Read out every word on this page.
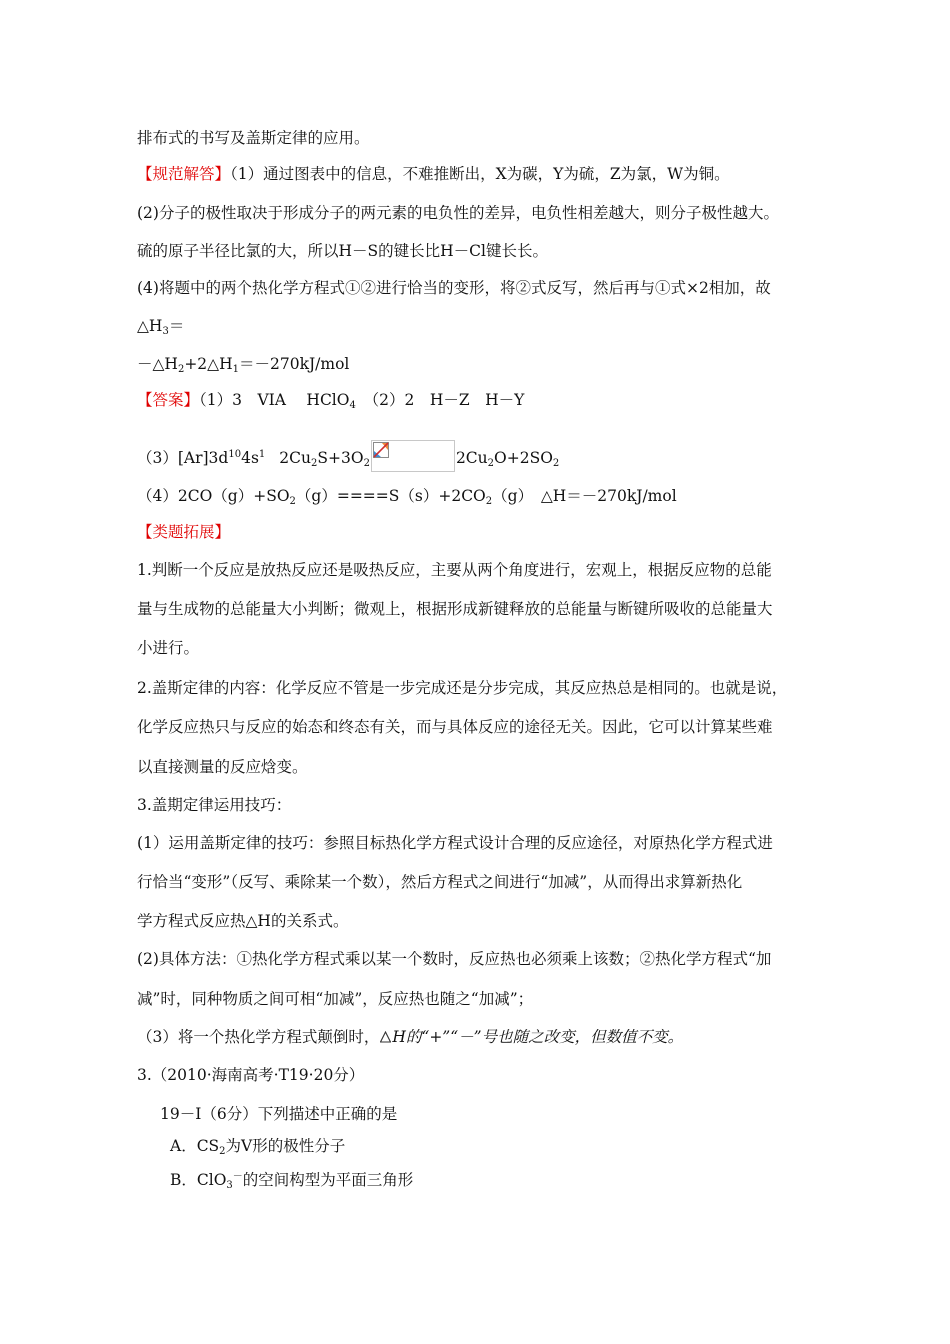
排布式的书写及盖斯定律的应用。
【规范解答】（1）通过图表中的信息，不难推断出，X为碳，Y为硫，Z为氯，W为铜。
(2)分子的极性取决于形成分子的两元素的电负性的差异，电负性相差越大，则分子极性越大。
硫的原子半径比氯的大，所以H－S的键长比H－Cl键长长。
(4)将题中的两个热化学方程式①②进行恰当的变形，将②式反写，然后再与①式×2相加，故
$\triangle H_3=$
$-\triangle H_2+2\triangle H_1=-270kJ$/mol
【答案】（1）3　VIA　 HClO$_4$　 （2）2　H－Z　H－Y
$(3)[Ar]3d^{10}4s^1$ $2Cu_2S+3O_2$	$2Cu_2O+2SO_2$
$(4)2CO(g)+SO_2(g)====S(s)+2CO_2(g)$　△H＝－270kJ/mol
【类题拓展】
1.判断一个反应是放热反应还是吸热反应，主要从两个角度进行，宏观上，根据反应物的总能
量与生成物的总能量大小判断；微观上，根据形成新键释放的总能量与断键所吸收的总能量大
小进行。
2.盖斯定律的内容：化学反应不管是一步完成还是分步完成，其反应热总是相同的。也就是说，
化学反应热只与反应的始态和终态有关，而与具体反应的途径无关。因此，它可以计算某些难
以直接测量的反应焓变。
3.盖期定律运用技巧：
(1）运用盖斯定律的技巧：参照目标热化学方程式设计合理的反应途径，对原热化学方程式进
行恰当“变形”（反写、乘除某一个数），然后方程式之间进行“加减”，从而得出求算新热化
学方程式反应热△H的关系式。
(2)具体方法：①热化学方程式乘以某一个数时，反应热也必须乘上该数；②热化学方程式“加
减”时，同种物质之间可相“加减”，反应热也随之“加减”；
（3）将一个热化学方程式颠倒时， H的“+”“－”号也随之改变，但数值不变。
3.（2010·海南高考·T19·20分）
19－I（6分）下列描述中正确的是
A．$CS_2$为V形的极性分子
B．ClO$_3$－的空间构型为平面三角形
